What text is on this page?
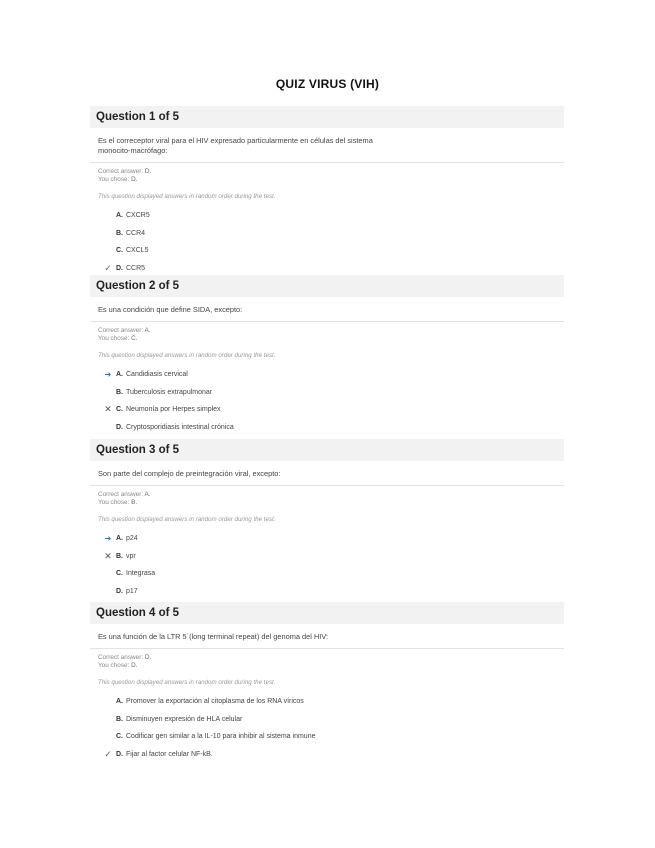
QUIZ VIRUS (VIH)
Question 1 of 5
Es el correceptor viral para el HIV expresado particularmente en células del sistema monocito-macrófago:
Correct answer: D.
You chose: D.
This question displayed answers in random order during the test.
A. CXCR5
B. CCR4
C. CXCL5
✓ D. CCR5
Question 2 of 5
Es una condición que define SIDA, excepto:
Correct answer: A.
You chose: C.
This question displayed answers in random order during the test.
➔ A. Candidiasis cervical
B. Tuberculosis extrapulmonar
✕ C. Neumonía por Herpes simplex
D. Cryptosporidiasis intestinal crónica
Question 3 of 5
Son parte del complejo de preintegración viral, excepto:
Correct answer: A.
You chose: B.
This question displayed answers in random order during the test.
➔ A. p24
✕ B. vpr
C. Integrasa
D. p17
Question 4 of 5
Es una función de la LTR 5´(long terminal repeat) del genoma del HIV:
Correct answer: D.
You chose: D.
This question displayed answers in random order during the test.
A. Promover la exportación al citoplasma de los RNA víricos
B. Disminuyen expresión de HLA celular
C. Codificar gen similar a la IL-10 para inhibir al sistema inmune
✓ D. Fijar al factor celular NF-kB.
